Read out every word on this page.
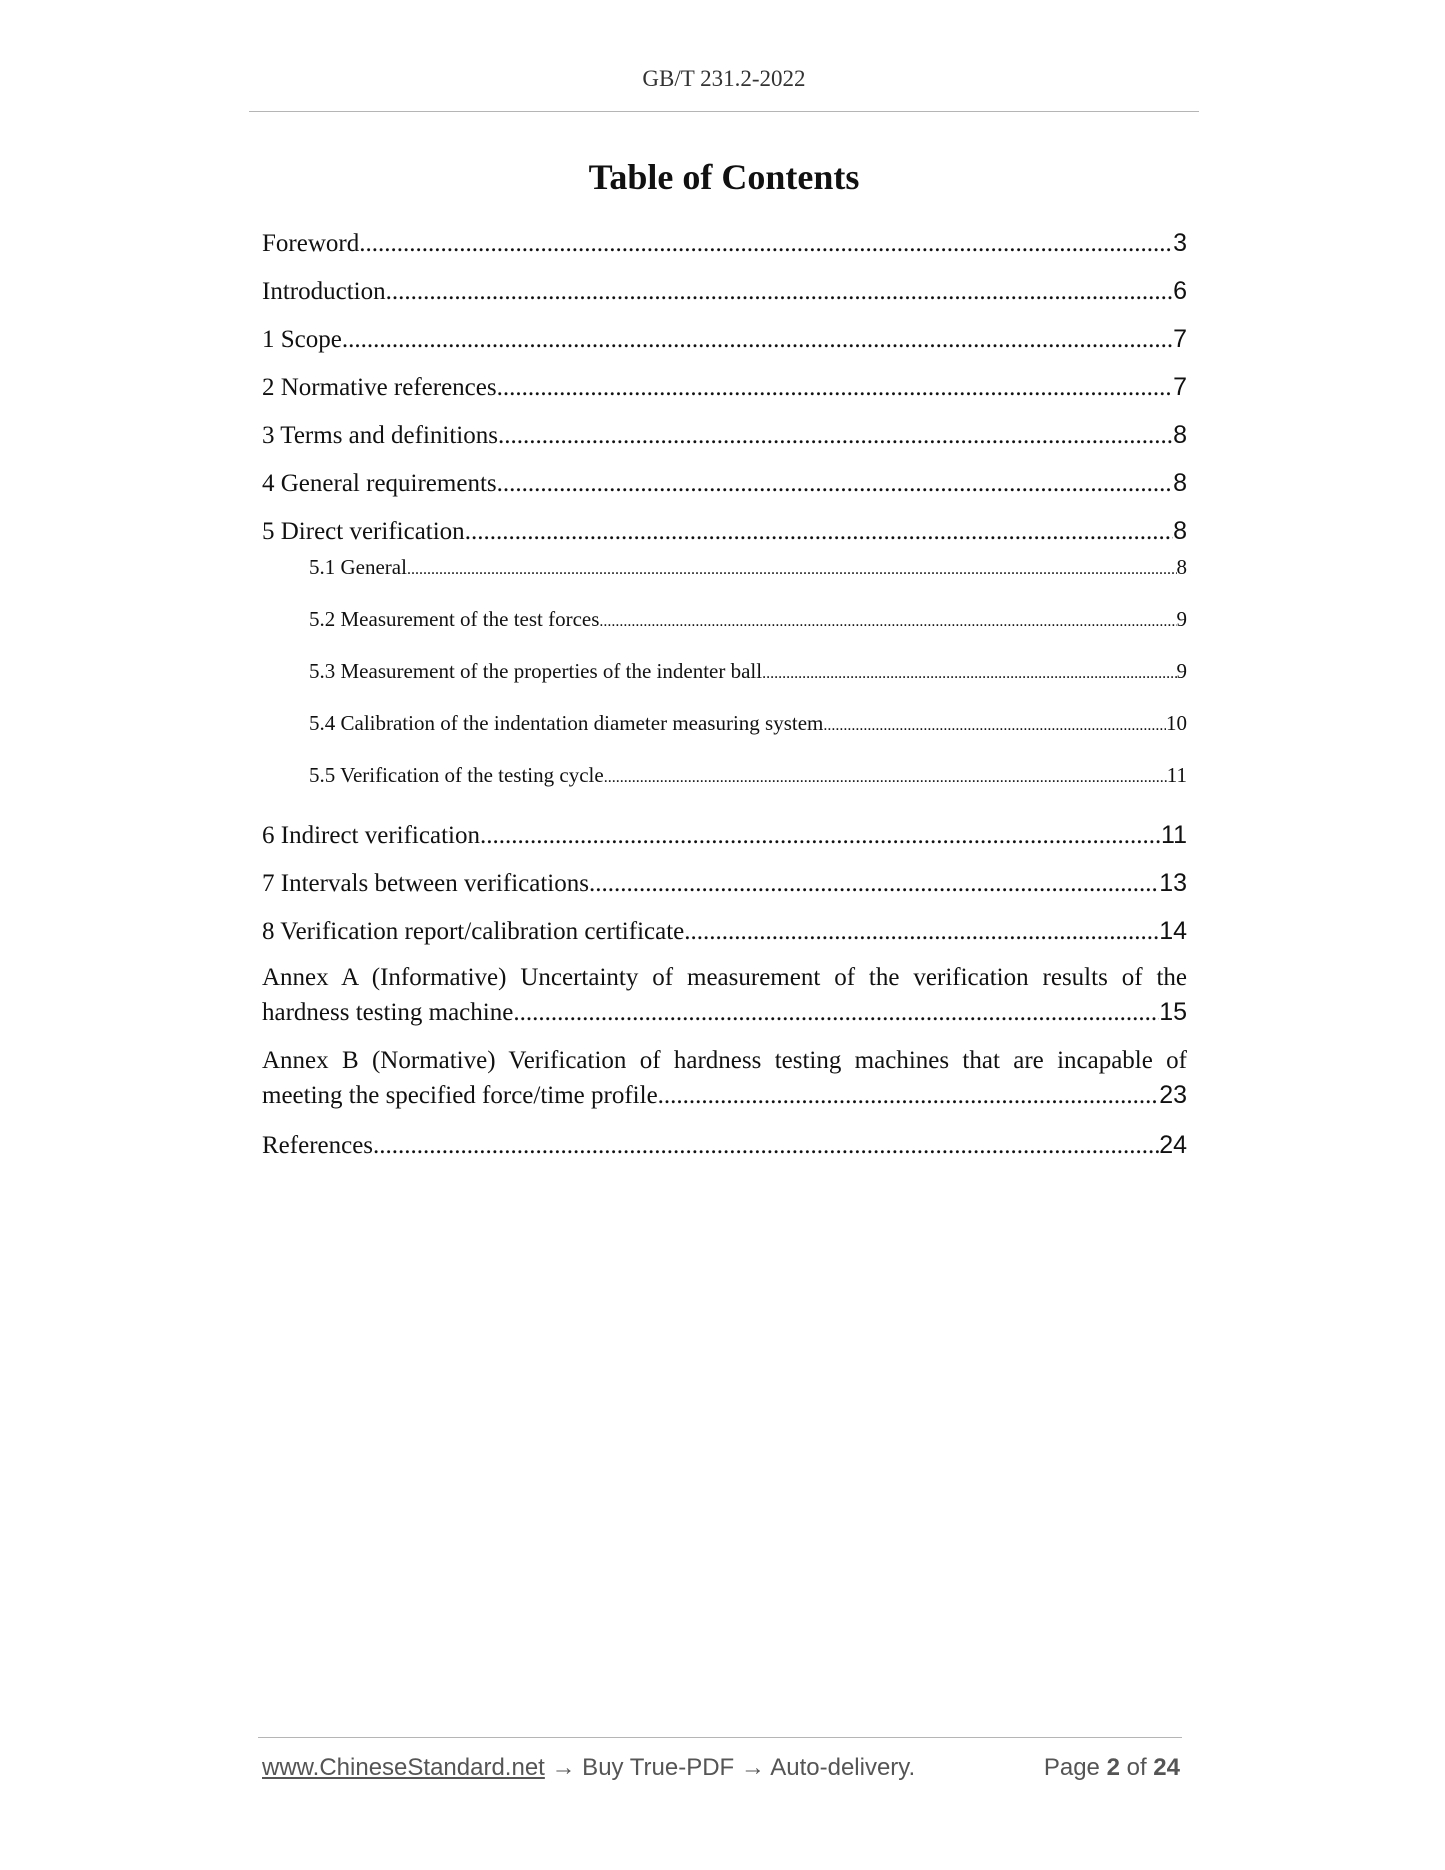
GB/T 231.2-2022
Table of Contents
Foreword .....	3
Introduction .....	6
1 Scope .....	7
2 Normative references .....	7
3 Terms and definitions .....	8
4 General requirements .....	8
5 Direct verification .....	8
5.1 General .....	8
5.2 Measurement of the test forces .....	9
5.3 Measurement of the properties of the indenter ball .....	9
5.4 Calibration of the indentation diameter measuring system .....	10
5.5 Verification of the testing cycle .....	11
6 Indirect verification .....	11
7 Intervals between verifications .....	13
8 Verification report/calibration certificate .....	14
Annex A (Informative) Uncertainty of measurement of the verification results of the
hardness testing machine .....	15
Annex B (Normative) Verification of hardness testing machines that are incapable of
meeting the specified force/time profile .....	23
References .....	24
www.ChineseStandard.net → Buy True-PDF → Auto-delivery.	Page 2 of 24
